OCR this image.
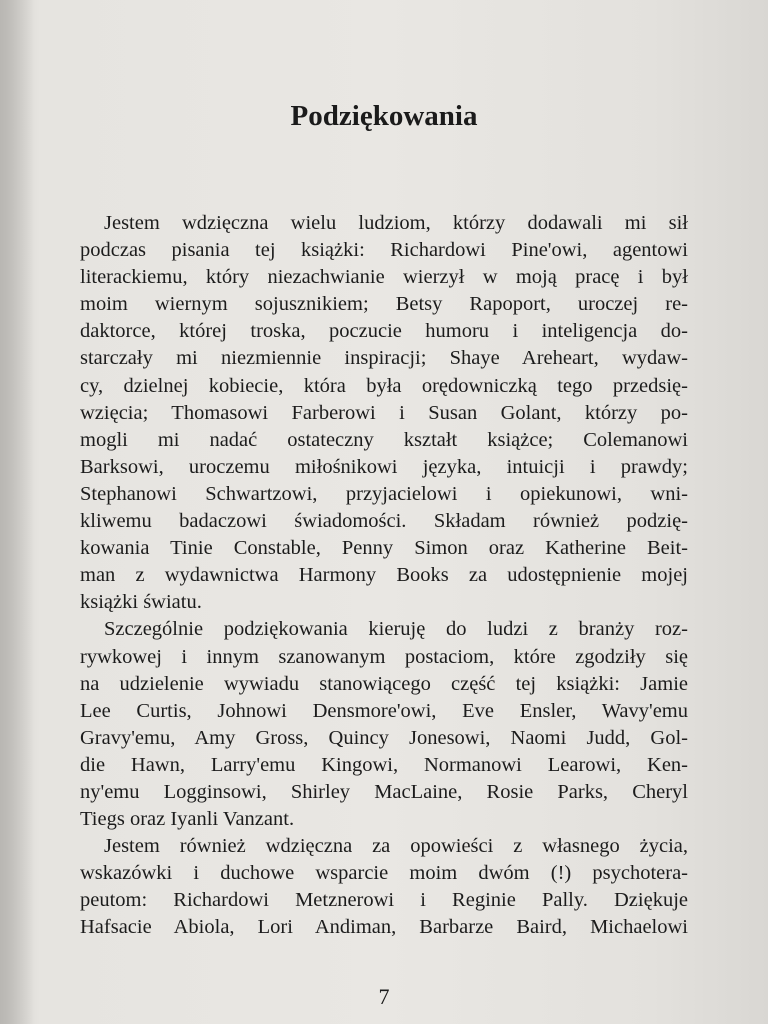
Podziękowania
Jestem wdzięczna wielu ludziom, którzy dodawali mi sił
podczas pisania tej książki: Richardowi Pine'owi, agentowi
literackiemu, który niezachwianie wierzył w moją pracę i był
moim wiernym sojusznikiem; Betsy Rapoport, uroczej re-
daktorce, której troska, poczucie humoru i inteligencja do-
starczały mi niezmiennie inspiracji; Shaye Areheart, wydaw-
cy, dzielnej kobiecie, która była orędowniczką tego przedsię-
wzięcia; Thomasowi Farberowi i Susan Golant, którzy po-
mogli mi nadać ostateczny kształt książce; Colemanowi
Barksowi, uroczemu miłośnikowi języka, intuicji i prawdy;
Stephanowi Schwartzowi, przyjacielowi i opiekunowi, wni-
kliwemu badaczowi świadomości. Składam również podzię-
kowania Tinie Constable, Penny Simon oraz Katherine Beit-
man z wydawnictwa Harmony Books za udostępnienie mojej
książki światu.
Szczególnie podziękowania kieruję do ludzi z branży roz-
rywkowej i innym szanowanym postaciom, które zgodziły się
na udzielenie wywiadu stanowiącego część tej książki: Jamie
Lee Curtis, Johnowi Densmore'owi, Eve Ensler, Wavy'emu
Gravy'emu, Amy Gross, Quincy Jonesowi, Naomi Judd, Gol-
die Hawn, Larry'emu Kingowi, Normanowi Learowi, Ken-
ny'emu Logginsowi, Shirley MacLaine, Rosie Parks, Cheryl
Tiegs oraz Iyanli Vanzant.
Jestem również wdzięczna za opowieści z własnego życia,
wskazówki i duchowe wsparcie moim dwóm (!) psychotera-
peutom: Richardowi Metznerowi i Reginie Pally. Dziękuje
Hafsacie Abiola, Lori Andiman, Barbarze Baird, Michaelowi
7
